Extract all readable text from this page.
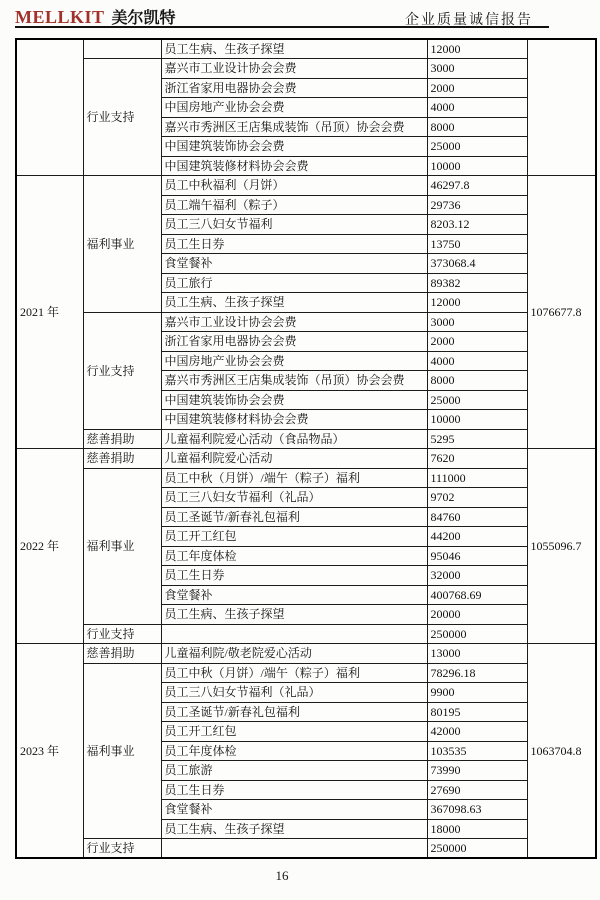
MELLKIT 美尔凯特	企业质量诚信报告
		员工生病、生孩子探望	12000	
	行业支持	嘉兴市工业设计协会会费	3000	
		浙江省家用电器协会会费	2000	
		中国房地产业协会会费	4000	
		嘉兴市秀洲区王店集成装饰（吊顶）协会会费	8000	
		中国建筑装饰协会会费	25000	
		中国建筑装修材料协会会费	10000	
2021 年	福利事业	员工中秋福利（月饼）	46297.8	1076677.8
		员工端午福利（粽子）	29736	
		员工三八妇女节福利	8203.12	
		员工生日券	13750	
		食堂餐补	373068.4	
		员工旅行	89382	
		员工生病、生孩子探望	12000	
	行业支持	嘉兴市工业设计协会会费	3000	
		浙江省家用电器协会会费	2000	
		中国房地产业协会会费	4000	
		嘉兴市秀洲区王店集成装饰（吊顶）协会会费	8000	
		中国建筑装饰协会会费	25000	
		中国建筑装修材料协会会费	10000	
	慈善捐助	儿童福利院爱心活动（食品物品）	5295	
2022 年	慈善捐助	儿童福利院爱心活动	7620	1055096.7
	福利事业	员工中秋（月饼）/端午（粽子）福利	111000	
		员工三八妇女节福利（礼品）	9702	
		员工圣诞节/新春礼包福利	84760	
		员工开工红包	44200	
		员工年度体检	95046	
		员工生日券	32000	
		食堂餐补	400768.69	
		员工生病、生孩子探望	20000	
	行业支持		250000	
2023 年	慈善捐助	儿童福利院/敬老院爱心活动	13000	1063704.8
	福利事业	员工中秋（月饼）/端午（粽子）福利	78296.18	
		员工三八妇女节福利（礼品）	9900	
		员工圣诞节/新春礼包福利	80195	
		员工开工红包	42000	
		员工年度体检	103535	
		员工旅游	73990	
		员工生日券	27690	
		食堂餐补	367098.63	
		员工生病、生孩子探望	18000	
	行业支持		250000	
16
